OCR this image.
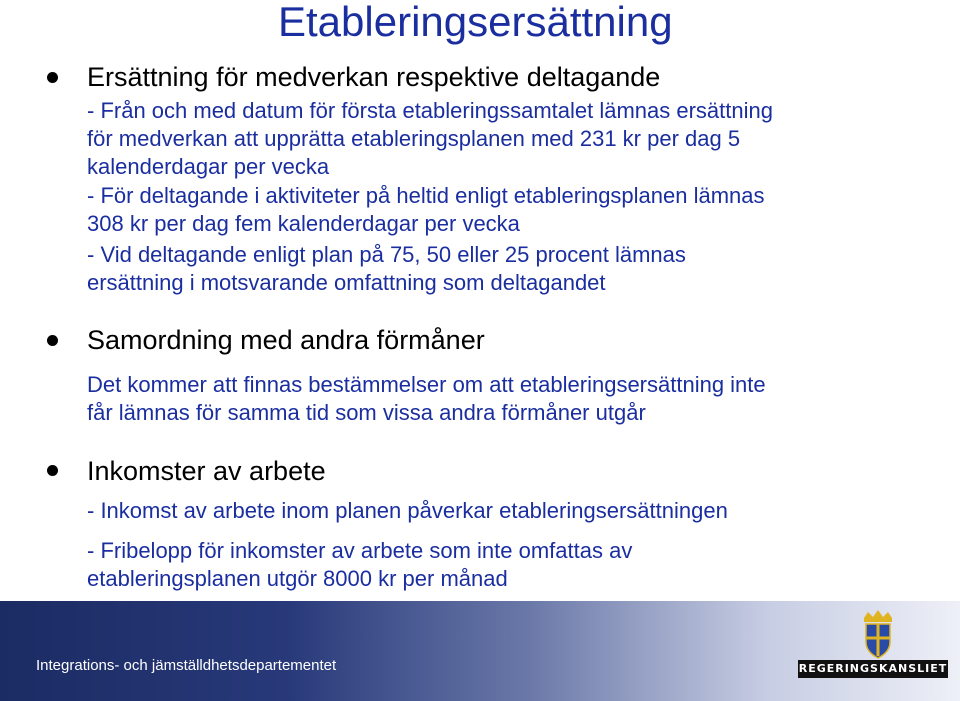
Etableringsersättning
Ersättning för medverkan respektive deltagande

- Från och med datum för första etableringssamtalet lämnas ersättning
för medverkan att upprätta etableringsplanen med 231 kr per dag 5
kalenderdagar per vecka

- För deltagande i aktiviteter på heltid enligt etableringsplanen lämnas
308 kr per dag fem kalenderdagar per vecka

- Vid deltagande enligt plan på 75, 50 eller 25 procent lämnas
ersättning i motsvarande omfattning som deltagandet

Samordning med andra förmåner

Det kommer att finnas bestämmelser om att etableringsersättning inte
får lämnas för samma tid som vissa andra förmåner utgår

Inkomster av arbete

- Inkomst av arbete inom planen påverkar etableringsersättningen

- Fribelopp för inkomster av arbete som inte omfattas av
etableringsplanen utgör 8000 kr per månad

Integrations- och jämställdhetsdepartementet	REGERINGSKANSLIET
